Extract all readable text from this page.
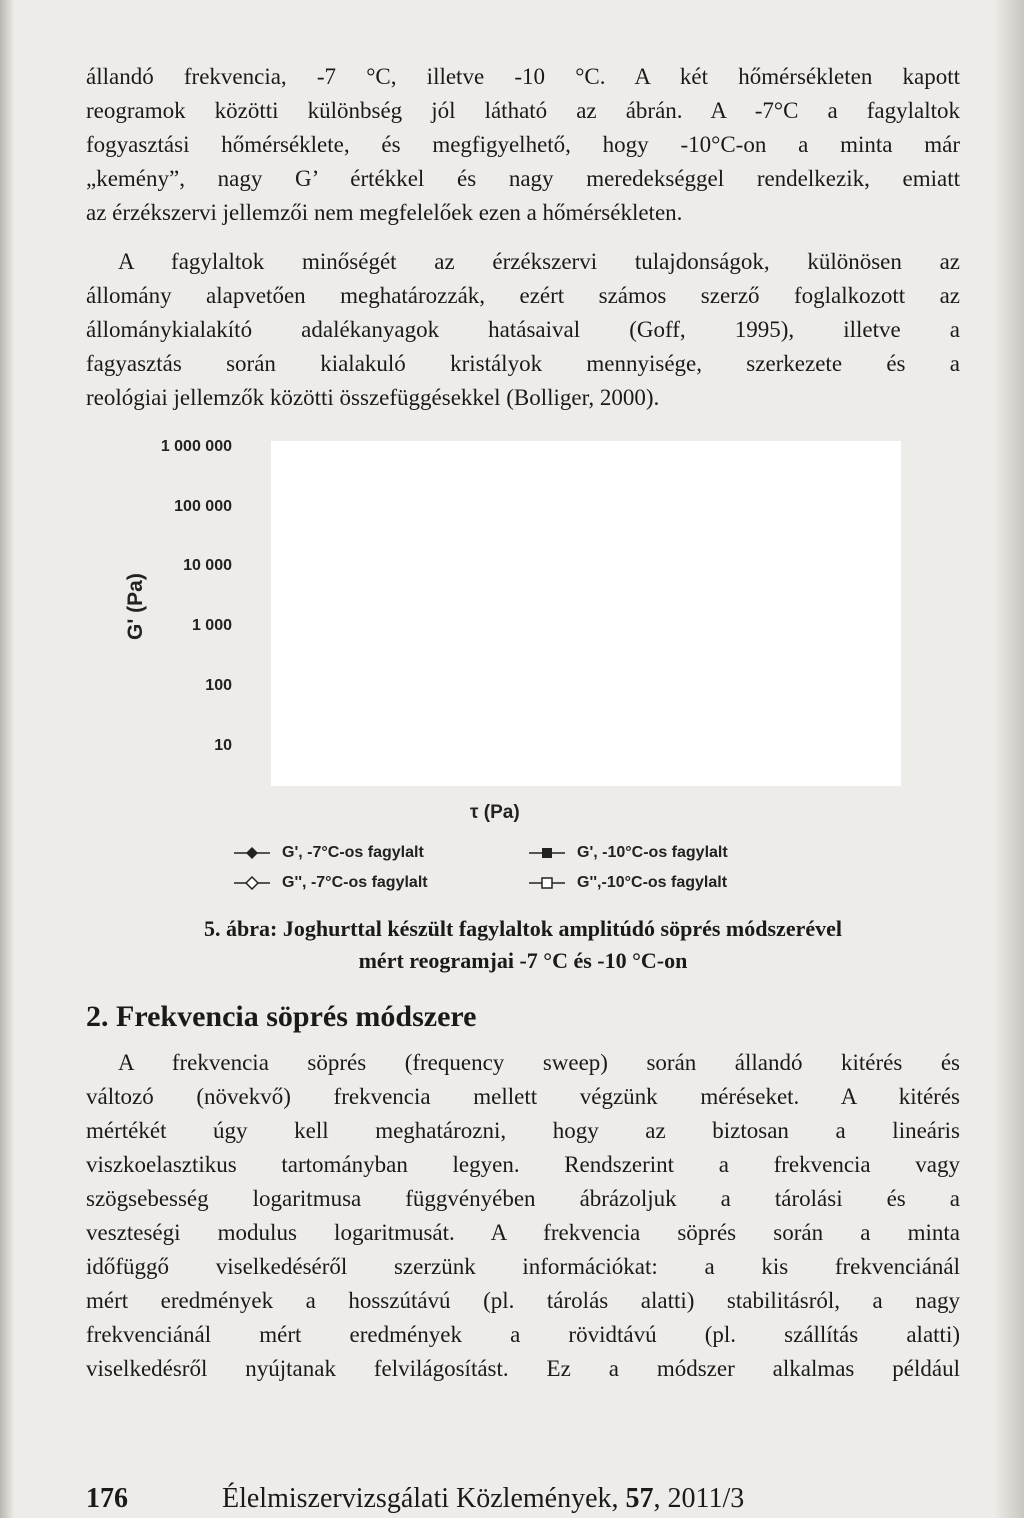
állandó frekvencia, -7 °C, illetve -10 °C. A két hőmérsékleten kapott
reogramok közötti különbség jól látható az ábrán. A -7°C a fagylaltok
fogyasztási hőmérséklete, és megfigyelhető, hogy -10°C-on a minta már
„kemény”, nagy G’ értékkel és nagy meredekséggel rendelkezik, emiatt
az érzékszervi jellemzői nem megfelelőek ezen a hőmérsékleten.
A fagylaltok minőségét az érzékszervi tulajdonságok, különösen az
állomány alapvetően meghatározzák, ezért számos szerző foglalkozott az
állománykialakító adalékanyagok hatásaival (Goff, 1995), illetve a
fagyasztás során kialakuló kristályok mennyisége, szerkezete és a
reológiai jellemzők közötti összefüggésekkel (Bolliger, 2000).
1 000 000
100 000
10 000
1 000
100
10
G' (Pa)
τ (Pa)
G', -7°C-os fagylalt
G'', -7°C-os fagylalt
G', -10°C-os fagylalt
G'',-10°C-os fagylalt
5. ábra: Joghurttal készült fagylaltok amplitúdó söprés módszerével
mért reogramjai -7 °C és -10 °C-on
2. Frekvencia söprés módszere
A frekvencia söprés (frequency sweep) során állandó kitérés és
változó (növekvő) frekvencia mellett végzünk méréseket. A kitérés
mértékét úgy kell meghatározni, hogy az biztosan a lineáris
viszkoelasztikus tartományban legyen. Rendszerint a frekvencia vagy
szögsebesség logaritmusa függvényében ábrázoljuk a tárolási és a
veszteségi modulus logaritmusát. A frekvencia söprés során a minta
időfüggő viselkedéséről szerzünk információkat: a kis frekvenciánál
mért eredmények a hosszútávú (pl. tárolás alatti) stabilitásról, a nagy
frekvenciánál mért eredmények a rövidtávú (pl. szállítás alatti)
viselkedésről nyújtanak felvilágosítást. Ez a módszer alkalmas például
176	Élelmiszervizsgálati Közlemények, 57, 2011/3
